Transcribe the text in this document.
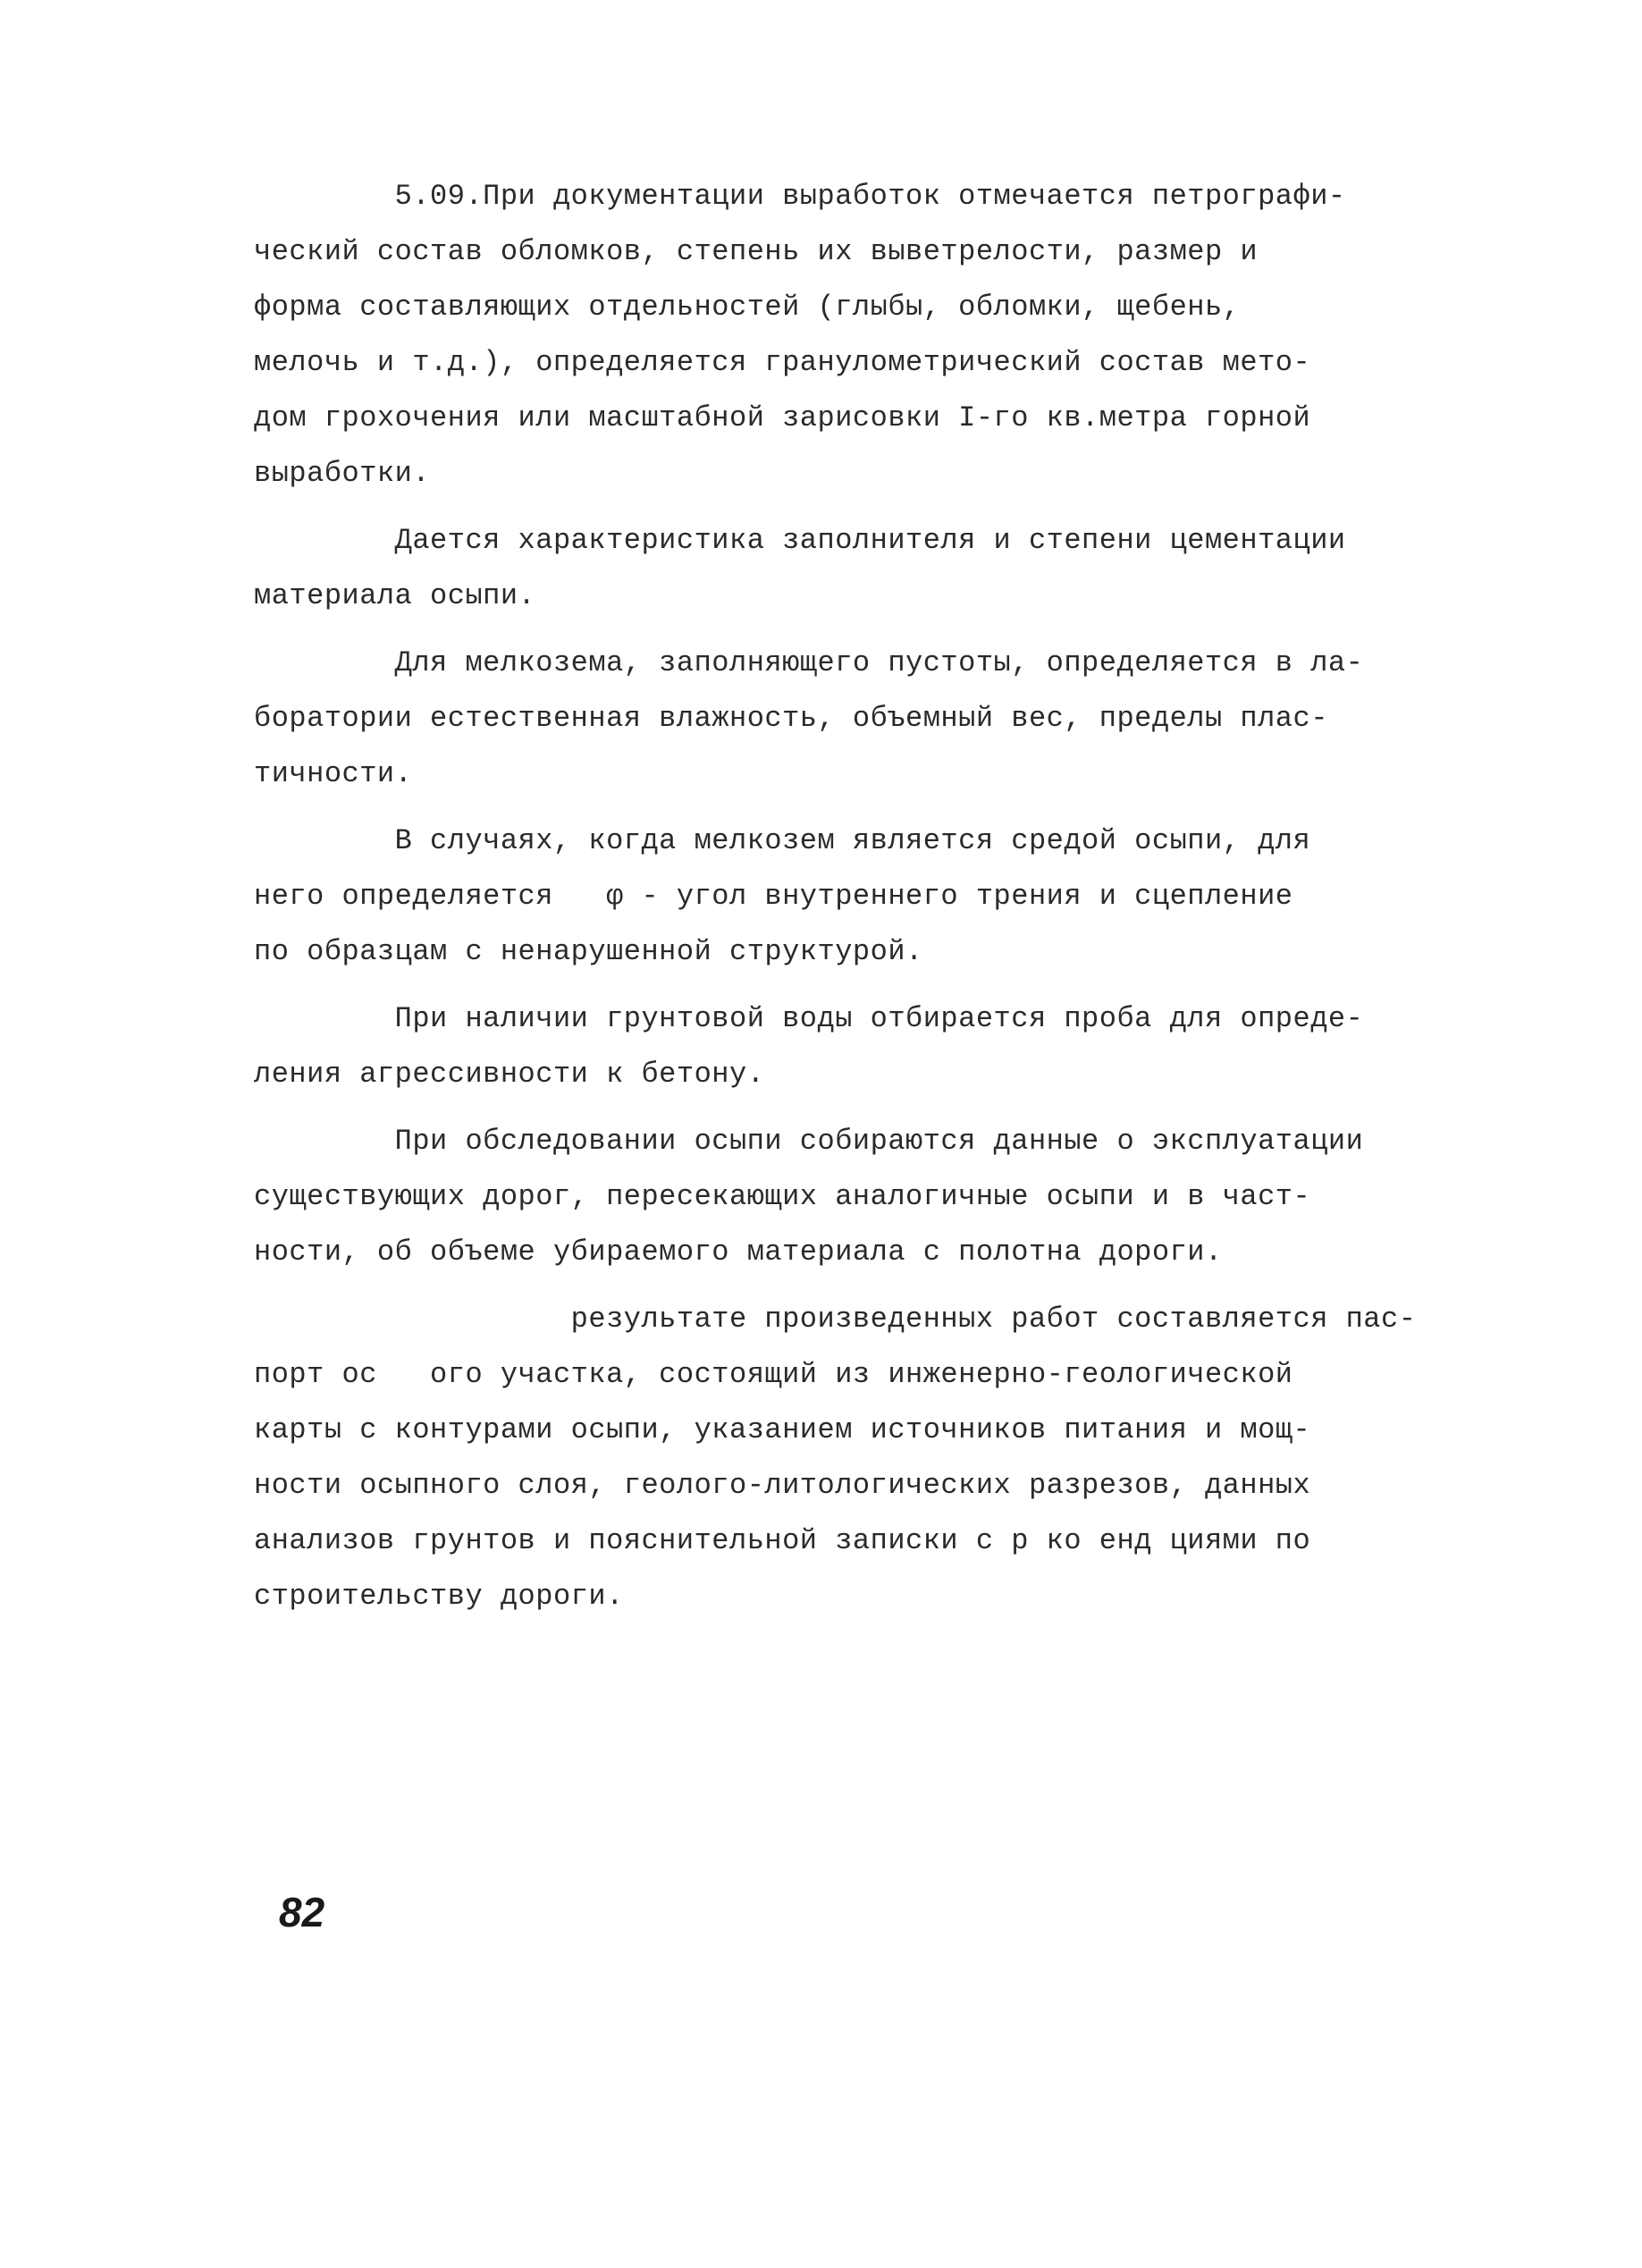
5.09.При документации выработок отмечается петрографи-
ческий состав обломков, степень их выветрелости, размер и
форма составляющих отдельностей (глыбы, обломки, щебень,
мелочь и т.д.), определяется гранулометрический состав мето-
дом грохочения или масштабной зарисовки I-го кв.метра горной
выработки.
Дается характеристика заполнителя и степени цементации
материала осыпи.
Для мелкозема, заполняющего пустоты, определяется в ла-
боратории естественная влажность, объемный вес, пределы плас-
тичности.
В случаях, когда мелкозем является средой осыпи, для
него определяется   φ - угол внутреннего трения и сцепление
по образцам с ненарушенной структурой.
При наличии грунтовой воды отбирается проба для опреде-
ления агрессивности к бетону.
При обследовании осыпи собираются данные о эксплуатации
существующих дорог, пересекающих аналогичные осыпи и в част-
ности, об объеме убираемого материала с полотна дороги.
результате произведенных работ составляется пас-
порт ос   ого участка, состоящий из инженерно-геологической
карты с контурами осыпи, указанием источников питания и мощ-
ности осыпного слоя, геолого-литологических разрезов, данных
анализов грунтов и пояснительной записки с р ко енд циями по
строительству дороги.
82
